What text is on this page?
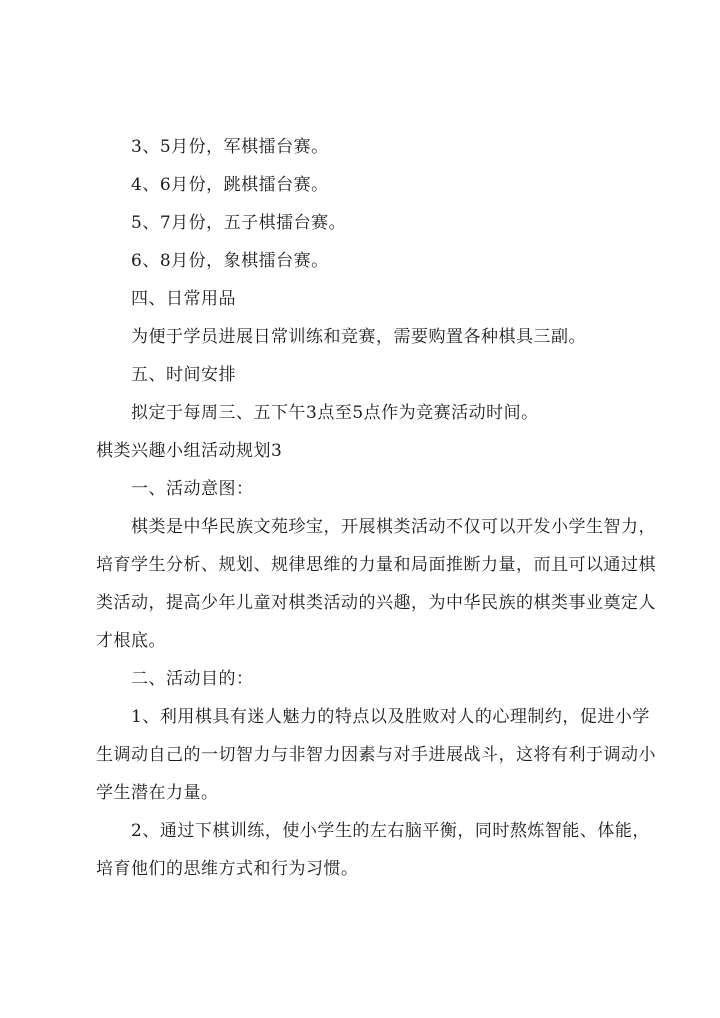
3、5月份，军棋擂台赛。
4、6月份，跳棋擂台赛。
5、7月份，五子棋擂台赛。
6、8月份，象棋擂台赛。
四、日常用品
为便于学员进展日常训练和竞赛，需要购置各种棋具三副。
五、时间安排
拟定于每周三、五下午3点至5点作为竞赛活动时间。
棋类兴趣小组活动规划3
一、活动意图：
棋类是中华民族文苑珍宝，开展棋类活动不仅可以开发小学生智力，
培育学生分析、规划、规律思维的力量和局面推断力量，而且可以通过棋
类活动，提高少年儿童对棋类活动的兴趣，为中华民族的棋类事业奠定人
才根底。
二、活动目的：
1、利用棋具有迷人魅力的特点以及胜败对人的心理制约，促进小学
生调动自己的一切智力与非智力因素与对手进展战斗，这将有利于调动小
学生潜在力量。
2、通过下棋训练，使小学生的左右脑平衡，同时熬炼智能、体能，
培育他们的思维方式和行为习惯。
